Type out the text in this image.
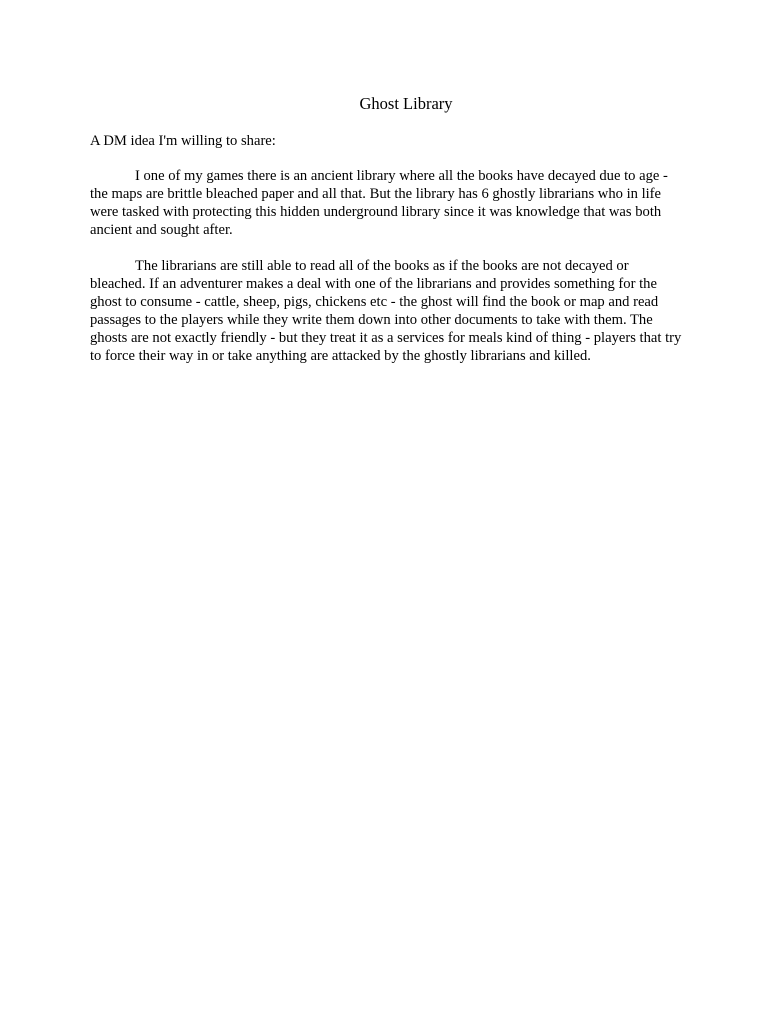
Ghost Library

A DM idea I'm willing to share:

I one of my games there is an ancient library where all the books have decayed due to age - the maps are brittle bleached paper and all that. But the library has 6 ghostly librarians who in life were tasked with protecting this hidden underground library since it was knowledge that was both ancient and sought after.

The librarians are still able to read all of the books as if the books are not decayed or bleached. If an adventurer makes a deal with one of the librarians and provides something for the ghost to consume - cattle, sheep, pigs, chickens etc - the ghost will find the book or map and read passages to the players while they write them down into other documents to take with them. The ghosts are not exactly friendly - but they treat it as a services for meals kind of thing - players that try to force their way in or take anything are attacked by the ghostly librarians and killed.
